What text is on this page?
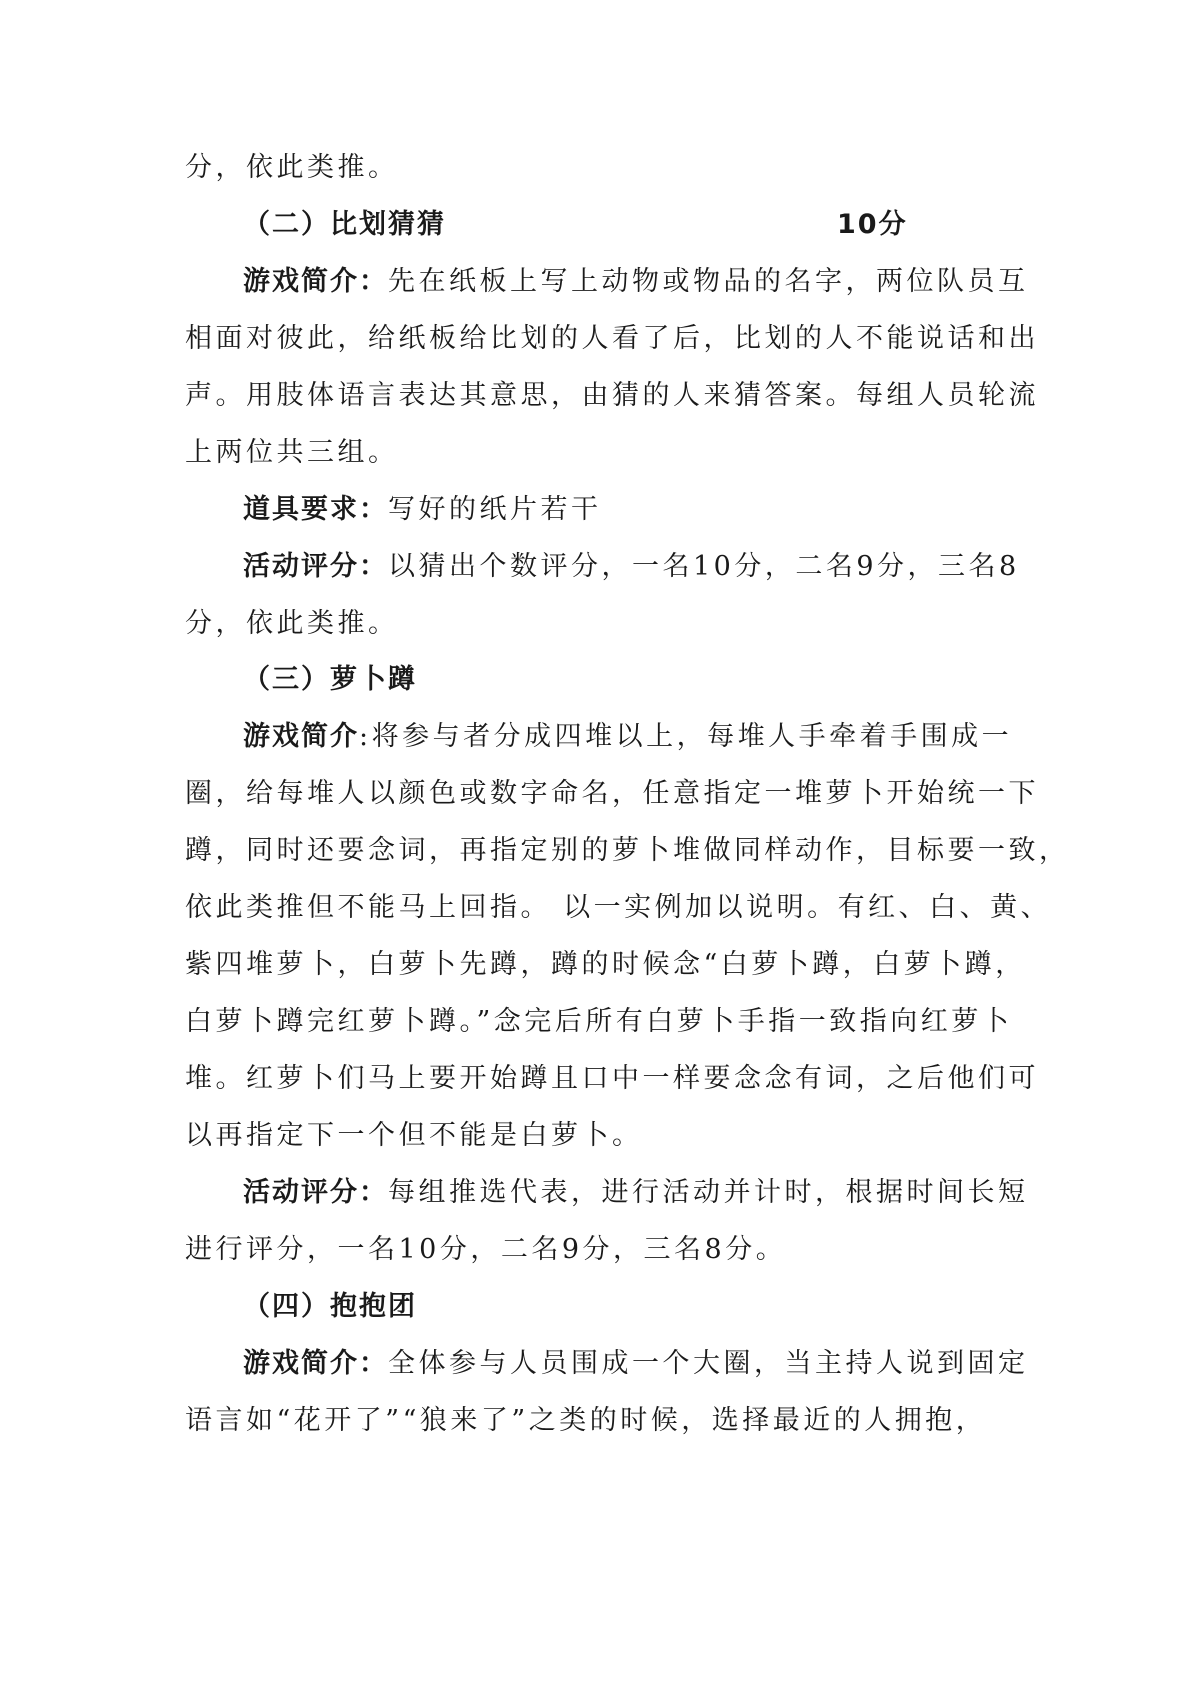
分，依此类推。
（二）比划猜猜	10分
游戏简介：先在纸板上写上动物或物品的名字，两位队员互
相面对彼此，给纸板给比划的人看了后，比划的人不能说话和出
声。用肢体语言表达其意思，由猜的人来猜答案。每组人员轮流
上两位共三组。
道具要求：写好的纸片若干
活动评分：以猜出个数评分，一名10分，二名9分，三名8
分，依此类推。
（三）萝卜蹲
游戏简介:将参与者分成四堆以上，每堆人手牵着手围成一
圈，给每堆人以颜色或数字命名，任意指定一堆萝卜开始统一下
蹲，同时还要念词，再指定别的萝卜堆做同样动作，目标要一致，
依此类推但不能马上回指。 以一实例加以说明。有红、白、黄、
紫四堆萝卜，白萝卜先蹲，蹲的时候念“白萝卜蹲，白萝卜蹲，
白萝卜蹲完红萝卜蹲。”念完后所有白萝卜手指一致指向红萝卜
堆。红萝卜们马上要开始蹲且口中一样要念念有词，之后他们可
以再指定下一个但不能是白萝卜。
活动评分：每组推选代表，进行活动并计时，根据时间长短
进行评分，一名10分，二名9分，三名8分。
（四）抱抱团
游戏简介：全体参与人员围成一个大圈，当主持人说到固定
语言如“花开了”“狼来了”之类的时候，选择最近的人拥抱，
